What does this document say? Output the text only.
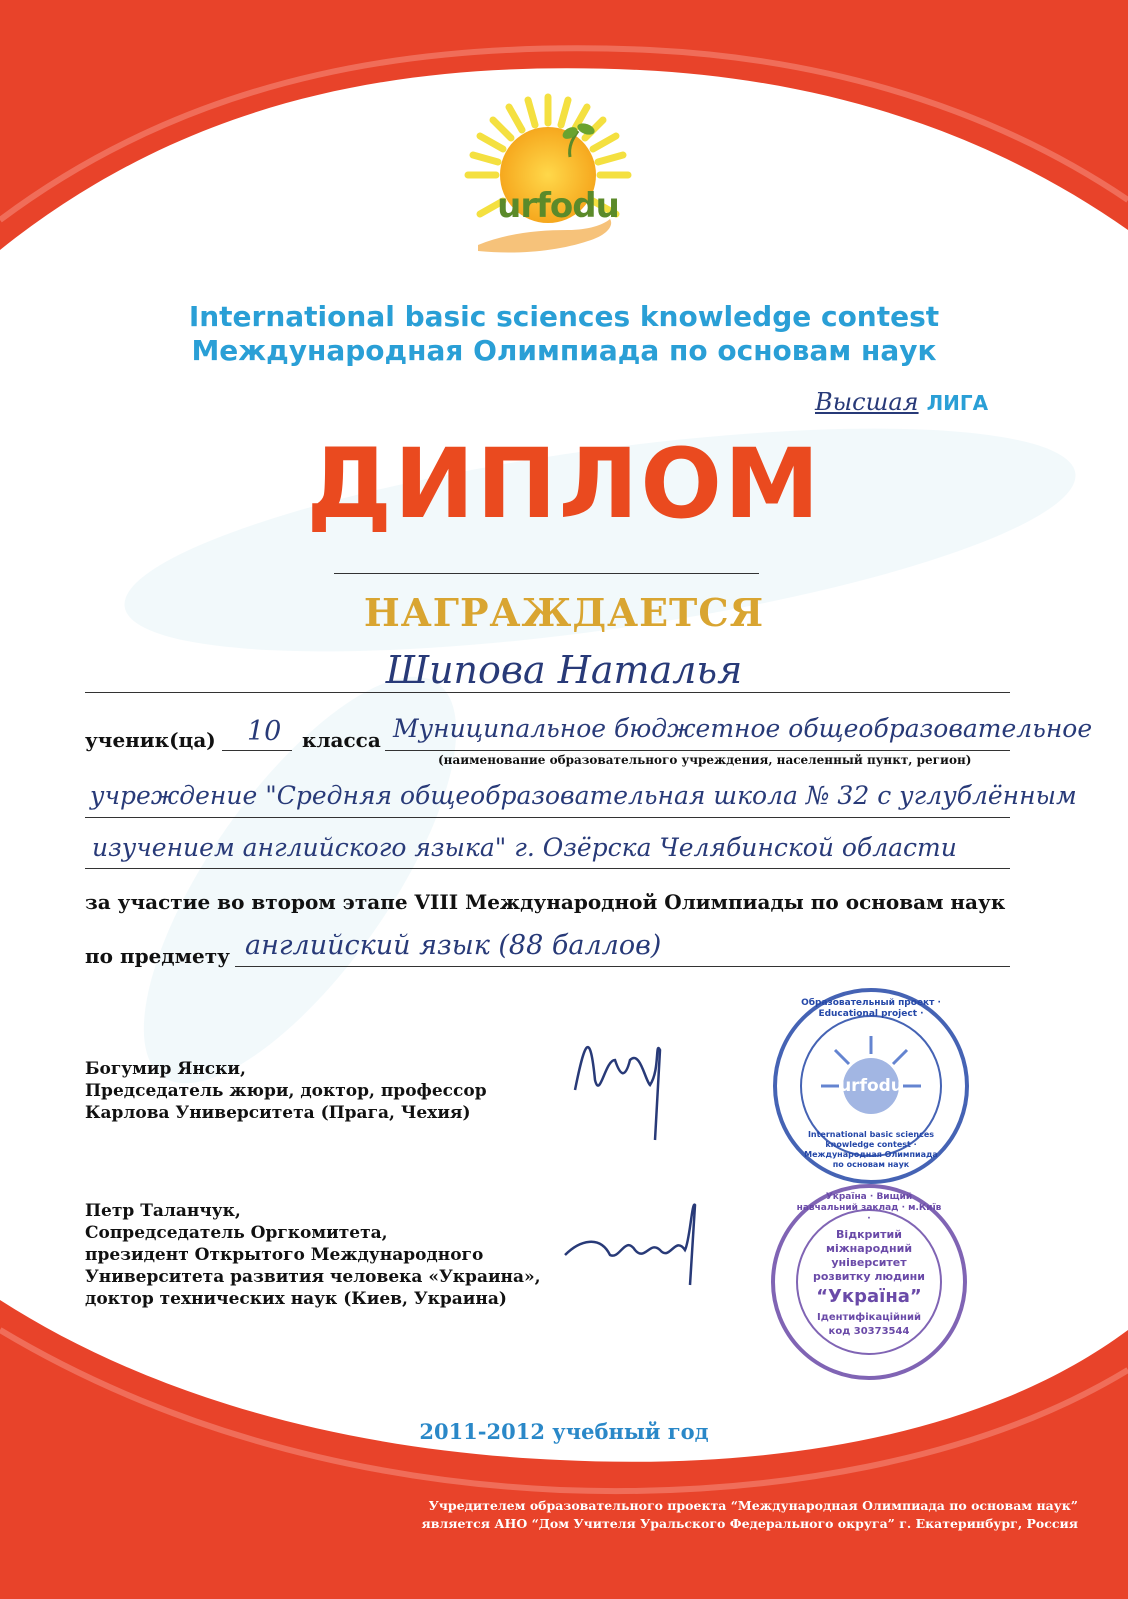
urfodu
International basic sciences knowledge contest
Международная Олимпиада по основам наук
Высшая ЛИГА
ДИПЛОМ
НАГРАЖДАЕТСЯ
Шипова Наталья
ученик(ца) 10 класса Муниципальное бюджетное общеобразовательное
(наименование образовательного учреждения, населенный пункт, регион)
учреждение "Средняя общеобразовательная школа № 32 с углублённым
изучением английского языка" г. Озёрска Челябинской области
за участие во втором этапе VIII Международной Олимпиады по основам наук
по предмету английский язык (88 баллов)
Богумир Янски,
Председатель жюри, доктор, профессор
Карлова Университета (Прага, Чехия)
Петр Таланчук,
Сопредседатель Оргкомитета,
президент Открытого Международного
Университета развития человека «Украина»,
доктор технических наук (Киев, Украина)
Образовательный проект · Educational project ·
urfodu
International basic sciences knowledge contest · Международная Олимпиада по основам наук
Україна · Вищий навчальний заклад · м.Київ ·
Відкритий
міжнародний
університет
розвитку людини
“Україна”
Ідентифікаційний
код 30373544
2011-2012 учебный год
Учредителем образовательного проекта “Международная Олимпиада по основам наук”
является АНО “Дом Учителя Уральского Федерального округа” г. Екатеринбург, Россия
